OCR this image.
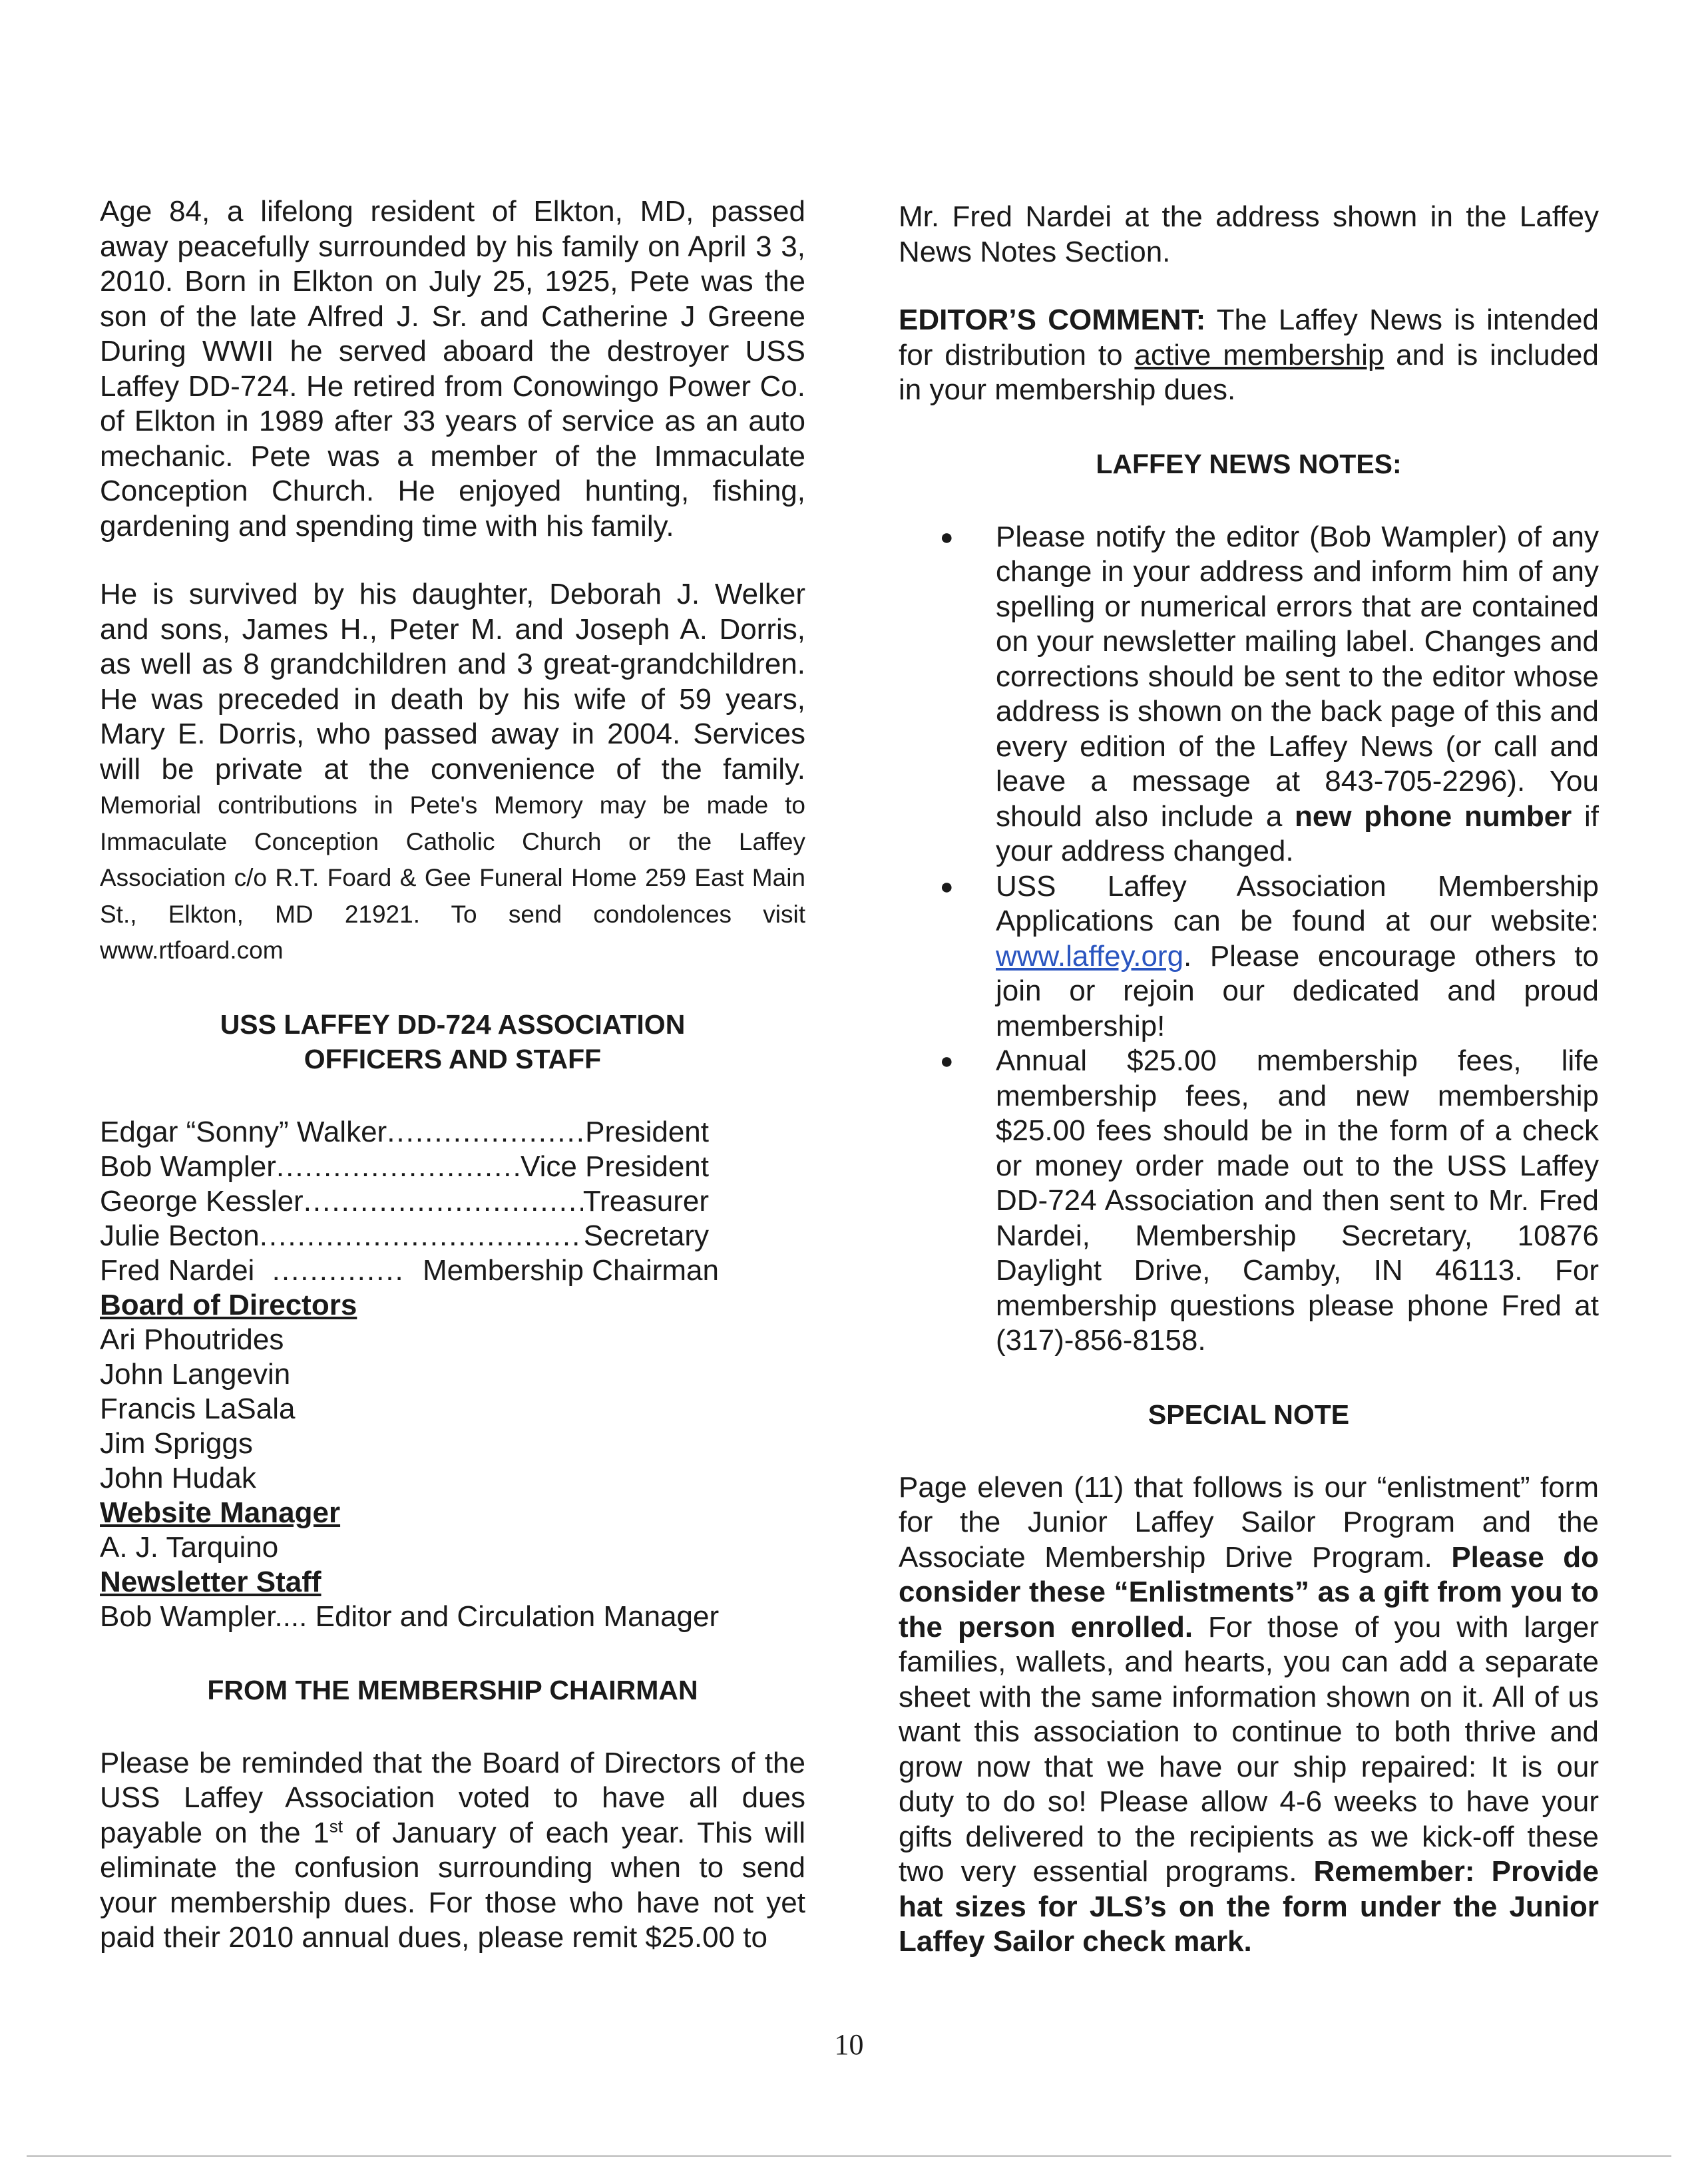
Age 84, a lifelong resident of Elkton, MD, passed away peacefully surrounded by his family on April 3 3, 2010. Born in Elkton on July 25, 1925, Pete was the son of the late Alfred J. Sr. and Catherine J Greene During WWII he served aboard the destroyer USS Laffey DD-724. He retired from Conowingo Power Co. of Elkton in 1989 after 33 years of service as an auto mechanic. Pete was a member of the Immaculate Conception Church. He enjoyed hunting, fishing, gardening and spending time with his family.

He is survived by his daughter, Deborah J. Welker and sons, James H., Peter M. and Joseph A. Dorris, as well as 8 grandchildren and 3 great-grandchildren. He was preceded in death by his wife of 59 years, Mary E. Dorris, who passed away in 2004. Services will be private at the convenience of the family. Memorial contributions in Pete's Memory may be made to Immaculate Conception Catholic Church or the Laffey Association c/o R.T. Foard & Gee Funeral Home 259 East Main St., Elkton, MD 21921. To send condolences visit www.rtfoard.com

USS LAFFEY DD-724 ASSOCIATION

OFFICERS AND STAFF

Edgar “Sonny” Walker .....	President
Bob Wampler .....	Vice President
George Kessler .....	Treasurer
Julie Becton .....	Secretary
Fred Nardei .....	Membership Chairman
Board of Directors
Ari Phoutrides
John Langevin
Francis LaSala
Jim Spriggs
John Hudak
Website Manager
A. J. Tarquino
Newsletter Staff
Bob Wampler.... Editor and Circulation Manager

FROM THE MEMBERSHIP CHAIRMAN

Please be reminded that the Board of Directors of the USS Laffey Association voted to have all dues payable on the 1st of January of each year. This will eliminate the confusion surrounding when to send your membership dues. For those who have not yet paid their 2010 annual dues, please remit $25.00 to

Mr. Fred Nardei at the address shown in the Laffey News Notes Section.

EDITOR’S COMMENT: The Laffey News is intended for distribution to active membership and is included in your membership dues.

LAFFEY NEWS NOTES:

● Please notify the editor (Bob Wampler) of any change in your address and inform him of any spelling or numerical errors that are contained on your newsletter mailing label. Changes and corrections should be sent to the editor whose address is shown on the back page of this and every edition of the Laffey News (or call and leave a message at 843-705-2296). You should also include a new phone number if your address changed.
● USS Laffey Association Membership Applications can be found at our website: www.laffey.org. Please encourage others to join or rejoin our dedicated and proud membership!
● Annual $25.00 membership fees, life membership fees, and new membership $25.00 fees should be in the form of a check or money order made out to the USS Laffey DD-724 Association and then sent to Mr. Fred Nardei, Membership Secretary, 10876 Daylight Drive, Camby, IN 46113. For membership questions please phone Fred at (317)-856-8158.

SPECIAL NOTE

Page eleven (11) that follows is our “enlistment” form for the Junior Laffey Sailor Program and the Associate Membership Drive Program. Please do consider these “Enlistments” as a gift from you to the person enrolled. For those of you with larger families, wallets, and hearts, you can add a separate sheet with the same information shown on it. All of us want this association to continue to both thrive and grow now that we have our ship repaired: It is our duty to do so! Please allow 4-6 weeks to have your gifts delivered to the recipients as we kick-off these two very essential programs. Remember: Provide hat sizes for JLS’s on the form under the Junior Laffey Sailor check mark.

10
